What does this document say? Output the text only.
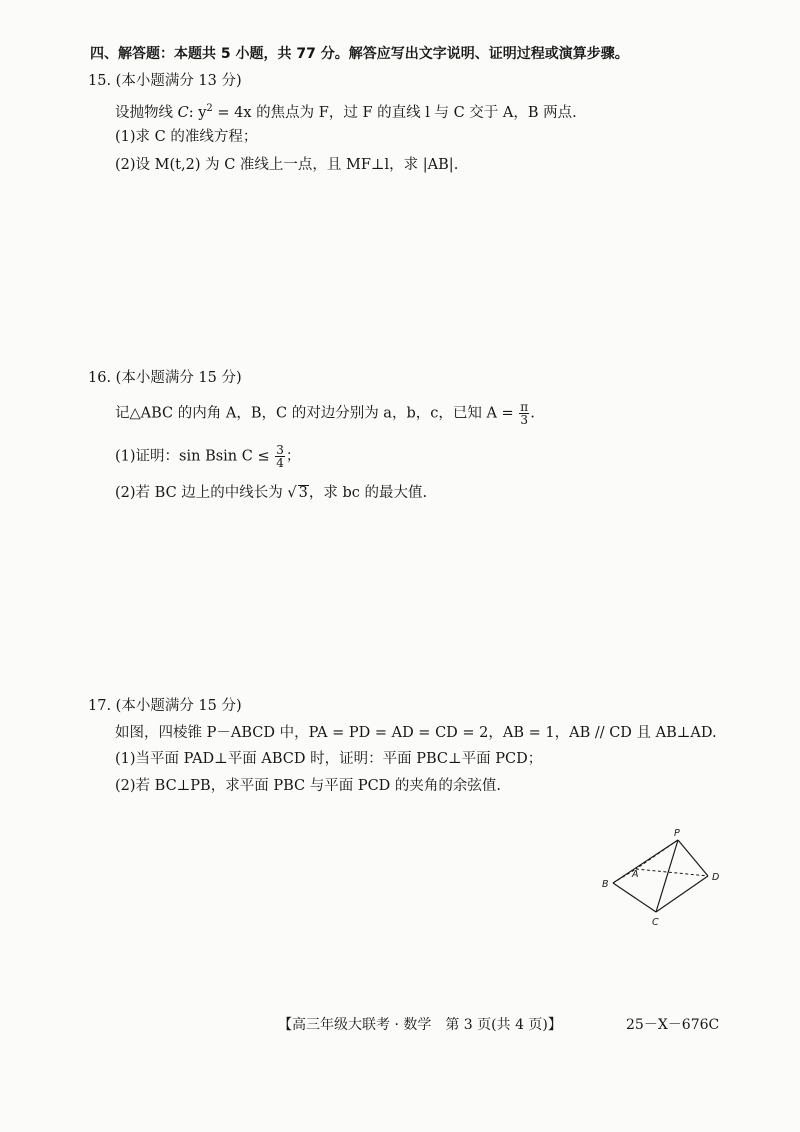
四、解答题：本题共 5 小题，共 77 分。解答应写出文字说明、证明过程或演算步骤。
15. (本小题满分 13 分)
设抛物线 C: $y^2 = 4x$ 的焦点为 F，过 F 的直线 l 与 C 交于 A，B 两点.
(1)求 C 的准线方程；
(2)设 M(t,2) 为 C 准线上一点，且 MF⊥l，求 |AB|.
16. (本小题满分 15 分)
记△ABC 的内角 A，B，C 的对边分别为 a，b，c，已知 $A = \frac{\pi}{3}$ .
(1)证明：sin Bsin $C \le \frac{3}{4}$ ；
(2)若 BC 边上的中线长为 √ 3，求 bc 的最大值.
17. (本小题满分 15 分)
如图，四棱锥 P－ABCD 中，PA = PD = AD = CD = 2，AB = 1，AB // CD 且 AB⊥AD.
(1)当平面 PAD⊥平面 ABCD 时，证明：平面 PBC⊥平面 PCD；
(2)若 BC⊥PB，求平面 PBC 与平面 PCD 的夹角的余弦值.
P
A
B
C
D
【高三年级大联考 · 数学　第 3 页(共 4 页)】	25－X－676C
